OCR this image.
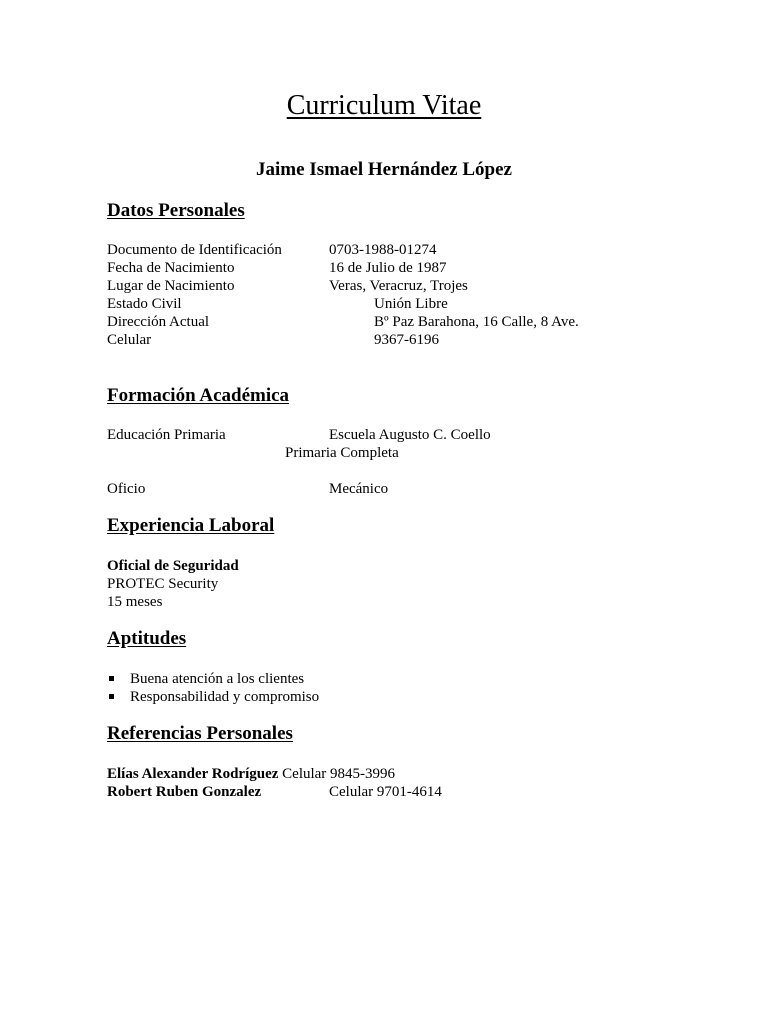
Curriculum Vitae
Jaime Ismael Hernández López
Datos Personales
Documento de Identificación	0703-1988-01274
Fecha de Nacimiento	16 de Julio de 1987
Lugar de Nacimiento	Veras, Veracruz, Trojes
Estado Civil	Unión Libre
Dirección Actual	Bº Paz Barahona, 16 Calle, 8 Ave.
Celular	9367-6196
Formación Académica
Educación Primaria	Escuela Augusto C. Coello
Primaria Completa
Oficio	Mecánico
Experiencia Laboral
Oficial de Seguridad
PROTEC Security
15 meses
Aptitudes
Buena atención a los clientes
Responsabilidad y compromiso
Referencias Personales
Elías Alexander Rodríguez Celular 9845-3996
Robert Ruben Gonzalez	Celular 9701-4614
